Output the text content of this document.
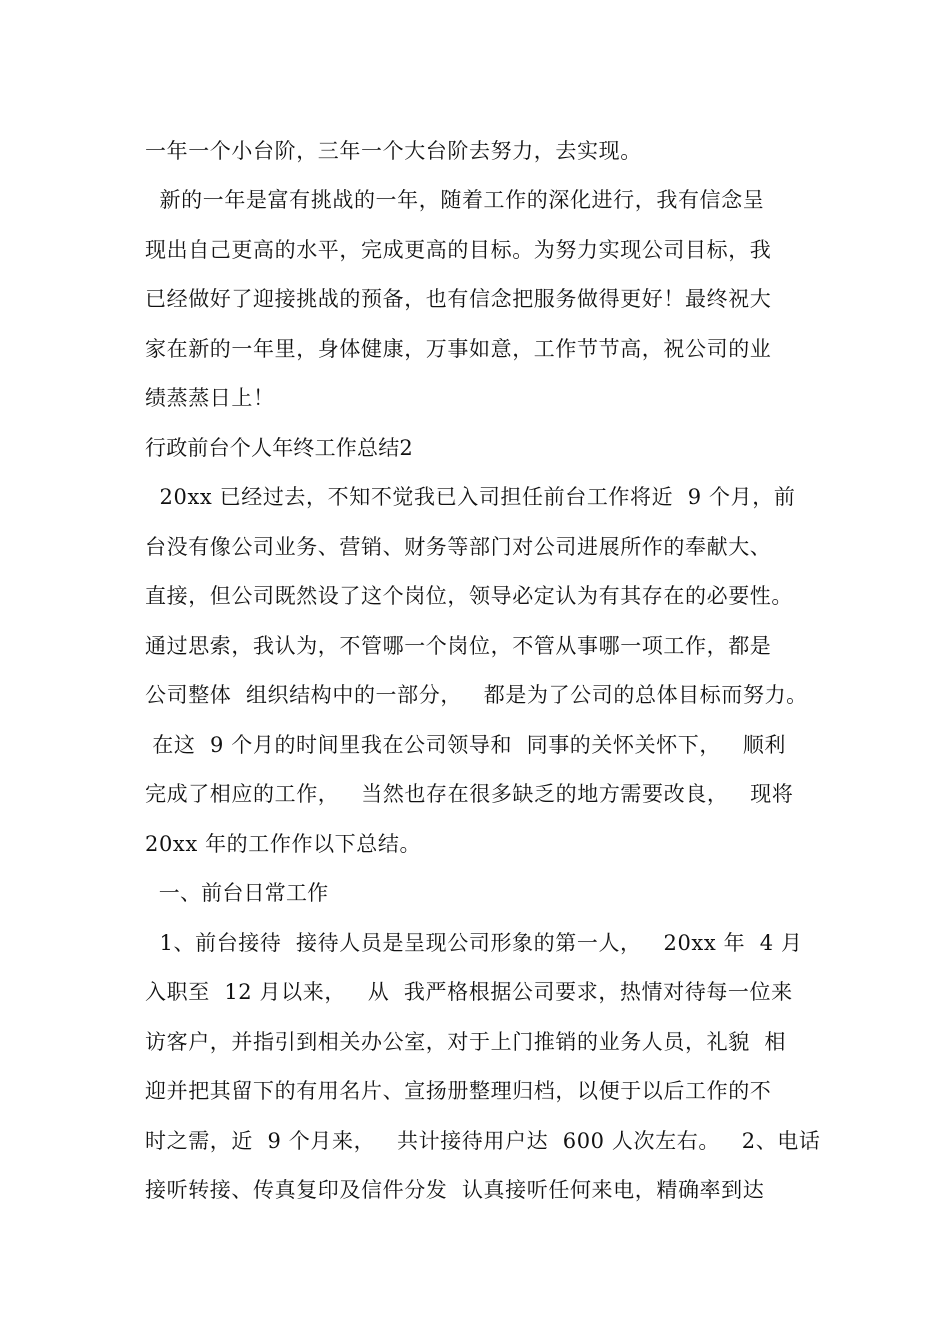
一年一个小台阶，三年一个大台阶去努力，去实现。
新的一年是富有挑战的一年，随着工作的深化进行，我有信念呈
现出自己更高的水平，完成更高的目标。为努力实现公司目标，我
已经做好了迎接挑战的预备，也有信念把服务做得更好！最终祝大
家在新的一年里，身体健康，万事如意，工作节节高，祝公司的业
绩蒸蒸日上！
行政前台个人年终工作总结2
20xx 已经过去，不知不觉我已入司担任前台工作将近  9 个月，前
台没有像公司业务、营销、财务等部门对公司进展所作的奉献大、
直接，但公司既然设了这个岗位，领导必定认为有其存在的必要性。
通过思索，我认为，不管哪一个岗位，不管从事哪一项工作，都是
公司整体  组织结构中的一部分，   都是为了公司的总体目标而努力。
在这  9 个月的时间里我在公司领导和  同事的关怀关怀下，   顺利
完成了相应的工作，   当然也存在很多缺乏的地方需要改良，   现将
20xx 年的工作作以下总结。
一、前台日常工作
1、前台接待  接待人员是呈现公司形象的第一人，   20xx 年  4 月
入职至  12 月以来，   从  我严格根据公司要求，热情对待每一位来
访客户，并指引到相关办公室，对于上门推销的业务人员，礼貌  相
迎并把其留下的有用名片、宣扬册整理归档，以便于以后工作的不
时之需，近  9 个月来，   共计接待用户达  600 人次左右。   2、电话
接听转接、传真复印及信件分发  认真接听任何来电，精确率到达
